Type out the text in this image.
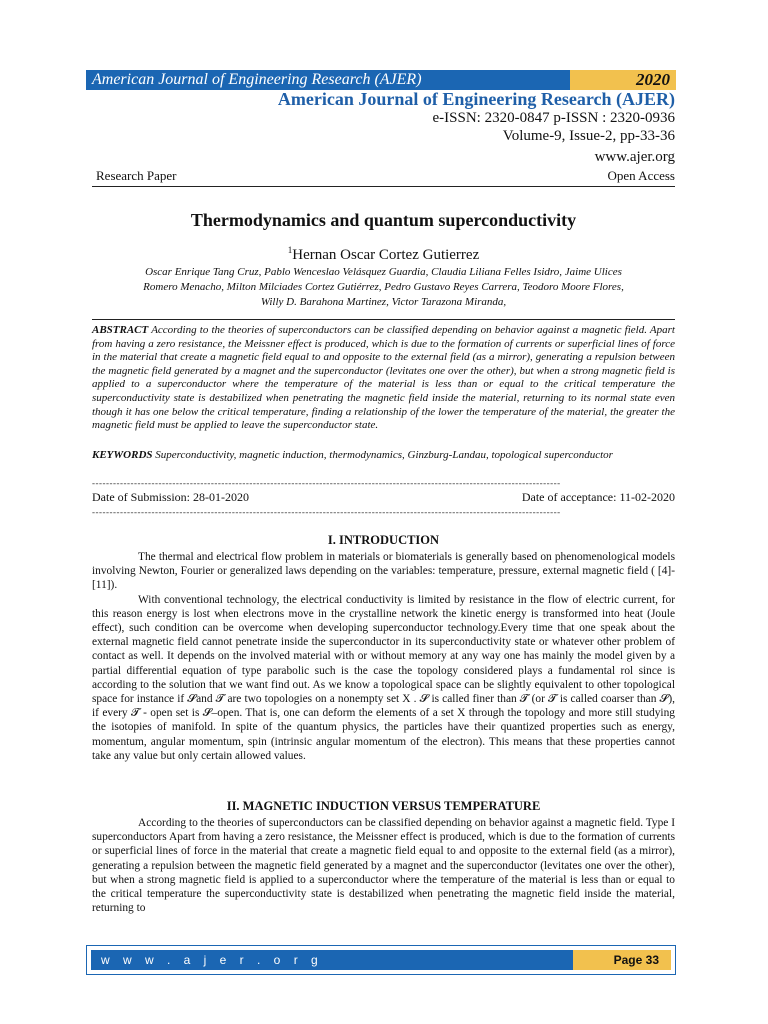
American Journal of Engineering Research (AJER)	2020
American Journal of Engineering Research (AJER)
e-ISSN: 2320-0847 p-ISSN : 2320-0936
Volume-9, Issue-2, pp-33-36
www.ajer.org
Research Paper	Open Access
Thermodynamics and quantum superconductivity
$^1$Hernan Oscar Cortez Gutierrez
Oscar Enrique Tang Cruz, Pablo Wenceslao Velásquez Guardia, Claudia Liliana Felles Isidro, Jaime Ulices
Romero Menacho, Milton Milciades Cortez Gutiérrez, Pedro Gustavo Reyes Carrera, Teodoro Moore Flores,
Willy D. Barahona Martinez, Victor Tarazona Miranda,
ABSTRACT According to the theories of superconductors can be classified depending on behavior against a magnetic field. Apart from having a zero resistance, the Meissner effect is produced, which is due to the formation of currents or superficial lines of force in the material that create a magnetic field equal to and opposite to the external field (as a mirror), generating a repulsion between the magnetic field generated by a magnet and the superconductor (levitates one over the other), but when a strong magnetic field is applied to a superconductor where the temperature of the material is less than or equal to the critical temperature the superconductivity state is destabilized when penetrating the magnetic field inside the material, returning to its normal state even though it has one below the critical temperature, finding a relationship of the lower the temperature of the material, the greater the magnetic field must be applied to leave the superconductor state.
KEYWORDS Superconductivity, magnetic induction, thermodynamics, Ginzburg-Landau, topological superconductor
--------------------------------------------------------------------------------------------------------------------------------------
Date of Submission: 28-01-2020	Date of acceptance: 11-02-2020
--------------------------------------------------------------------------------------------------------------------------------------
I. INTRODUCTION

The thermal and electrical flow problem in materials or biomaterials is generally based on phenomenological models involving Newton, Fourier or generalized laws depending on the variables: temperature, pressure, external magnetic field ( [4]-[11]).

With conventional technology, the electrical conductivity is limited by resistance in the flow of electric current, for this reason energy is lost when electrons move in the crystalline network the kinetic energy is transformed into heat (Joule effect), such condition can be overcome when developing superconductor technology.Every time that one speak about the external magnetic field cannot penetrate inside the superconductor in its superconductivity state or whatever other problem of contact as well. It depends on the involved material with or without memory at any way one has mainly the model given by a partial differential equation of type parabolic such is the case the topology considered plays a fundamental rol since is according to the solution that we want find out. As we know a topological space can be slightly equivalent to other topological space for instance if 𝓢and 𝓣 are two topologies on a nonempty set X . 𝓢 is called finer than 𝓣 (or 𝓣 is called coarser than 𝓢), if every 𝓣 - open set is 𝓢–open. That is, one can deform the elements of a set X through the topology and more still studying the isotopies of manifold. In spite of the quantum physics, the particles have their quantized properties such as energy, momentum, angular momentum, spin (intrinsic angular momentum of the electron). This means that these properties cannot take any value but only certain allowed values.

II. MAGNETIC INDUCTION VERSUS TEMPERATURE

According to the theories of superconductors can be classified depending on behavior against a magnetic field. Type I superconductors Apart from having a zero resistance, the Meissner effect is produced, which is due to the formation of currents or superficial lines of force in the material that create a magnetic field equal to and opposite to the external field (as a mirror), generating a repulsion between the magnetic field generated by a magnet and the superconductor (levitates one over the other), but when a strong magnetic field is applied to a superconductor where the temperature of the material is less than or equal to the critical temperature the superconductivity state is destabilized when penetrating the magnetic field inside the material, returning to

w w w . a j e r . o r g	Page 33
